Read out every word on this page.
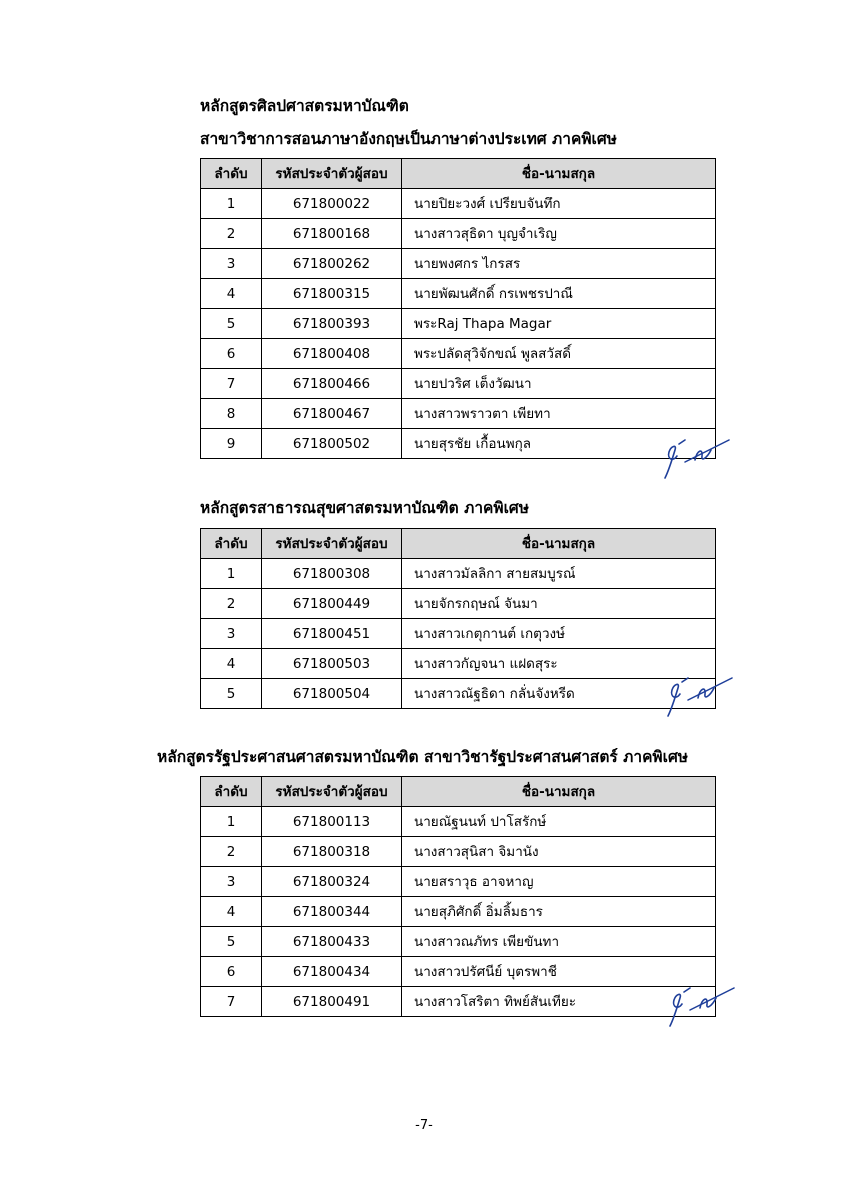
หลักสูตรศิลปศาสตรมหาบัณฑิต
สาขาวิชาการสอนภาษาอังกฤษเป็นภาษาต่างประเทศ ภาคพิเศษ
ลำดับ	รหัสประจำตัวผู้สอบ	ชื่อ-นามสกุล
1	671800022	นายปิยะวงศ์ เปรียบจันทึก
2	671800168	นางสาวสุธิดา บุญจำเริญ
3	671800262	นายพงศกร ไกรสร
4	671800315	นายพัฒนศักดิ์ กรเพชรปาณี
5	671800393	พระRaj Thapa Magar
6	671800408	พระปลัดสุวิจักขณ์ พูลสวัสดิ์
7	671800466	นายปวริศ เต็งวัฒนา
8	671800467	นางสาวพราวตา เพียทา
9	671800502	นายสุรชัย เกื้อนพกุล
หลักสูตรสาธารณสุขศาสตรมหาบัณฑิต ภาคพิเศษ
ลำดับ	รหัสประจำตัวผู้สอบ	ชื่อ-นามสกุล
1	671800308	นางสาวมัลลิกา สายสมบูรณ์
2	671800449	นายจักรกฤษณ์ จันมา
3	671800451	นางสาวเกตุกานต์ เกตุวงษ์
4	671800503	นางสาวกัญจนา แฝดสุระ
5	671800504	นางสาวณัฐธิดา กลั่นจังหรีด
หลักสูตรรัฐประศาสนศาสตรมหาบัณฑิต สาขาวิชารัฐประศาสนศาสตร์ ภาคพิเศษ
ลำดับ	รหัสประจำตัวผู้สอบ	ชื่อ-นามสกุล
1	671800113	นายณัฐนนท์ ปาโสรักษ์
2	671800318	นางสาวสุนิสา จิมานัง
3	671800324	นายสราวุธ อาจหาญ
4	671800344	นายสุภิศักดิ์ อิ่มลิ้มธาร
5	671800433	นางสาวณภัทร เพียขันทา
6	671800434	นางสาวปรัศนีย์ บุตรพาชี
7	671800491	นางสาวโสริตา ทิพย์สันเทียะ
-7-
